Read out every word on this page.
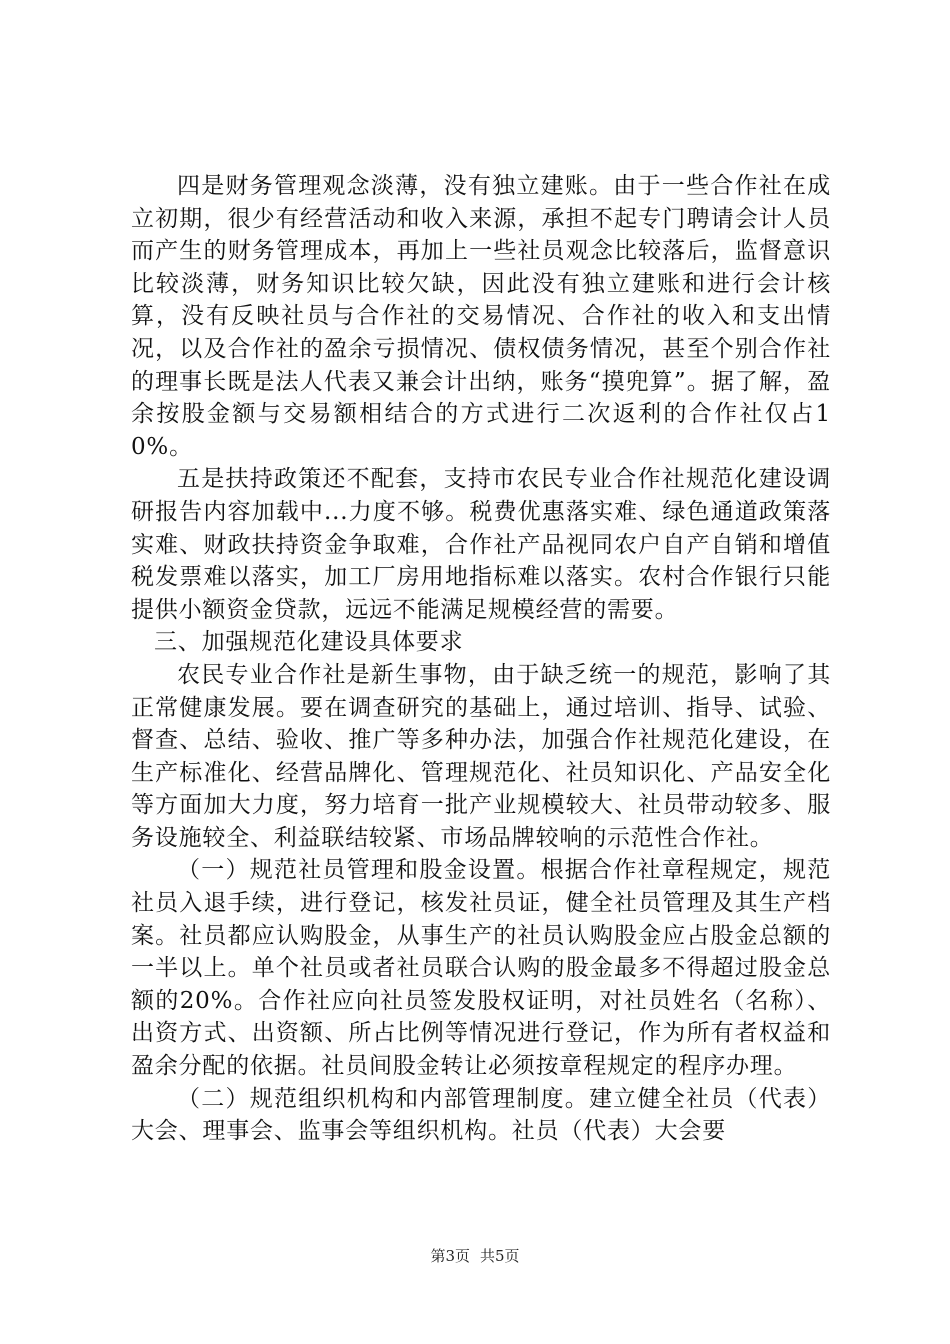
四是财务管理观念淡薄，没有独立建账。由于一些合作社在成立初期，很少有经营活动和收入来源，承担不起专门聘请会计人员而产生的财务管理成本，再加上一些社员观念比较落后，监督意识比较淡薄，财务知识比较欠缺，因此没有独立建账和进行会计核算，没有反映社员与合作社的交易情况、合作社的收入和支出情况，以及合作社的盈余亏损情况、债权债务情况，甚至个别合作社的理事长既是法人代表又兼会计出纳，账务“摸兜算”。据了解，盈余按股金额与交易额相结合的方式进行二次返利的合作社仅占10%。

五是扶持政策还不配套，支持市农民专业合作社规范化建设调研报告内容加载中...力度不够。税费优惠落实难、绿色通道政策落实难、财政扶持资金争取难，合作社产品视同农户自产自销和增值税发票难以落实，加工厂房用地指标难以落实。农村合作银行只能提供小额资金贷款，远远不能满足规模经营的需要。

三、加强规范化建设具体要求

农民专业合作社是新生事物，由于缺乏统一的规范，影响了其正常健康发展。要在调查研究的基础上，通过培训、指导、试验、督查、总结、验收、推广等多种办法，加强合作社规范化建设，在生产标准化、经营品牌化、管理规范化、社员知识化、产品安全化等方面加大力度，努力培育一批产业规模较大、社员带动较多、服务设施较全、利益联结较紧、市场品牌较响的示范性合作社。

（一）规范社员管理和股金设置。根据合作社章程规定，规范社员入退手续，进行登记，核发社员证，健全社员管理及其生产档案。社员都应认购股金，从事生产的社员认购股金应占股金总额的一半以上。单个社员或者社员联合认购的股金最多不得超过股金总额的20%。合作社应向社员签发股权证明，对社员姓名（名称）、出资方式、出资额、所占比例等情况进行登记，作为所有者权益和盈余分配的依据。社员间股金转让必须按章程规定的程序办理。

（二）规范组织机构和内部管理制度。建立健全社员（代表）大会、理事会、监事会等组织机构。社员（代表）大会要

第3页 共5页
